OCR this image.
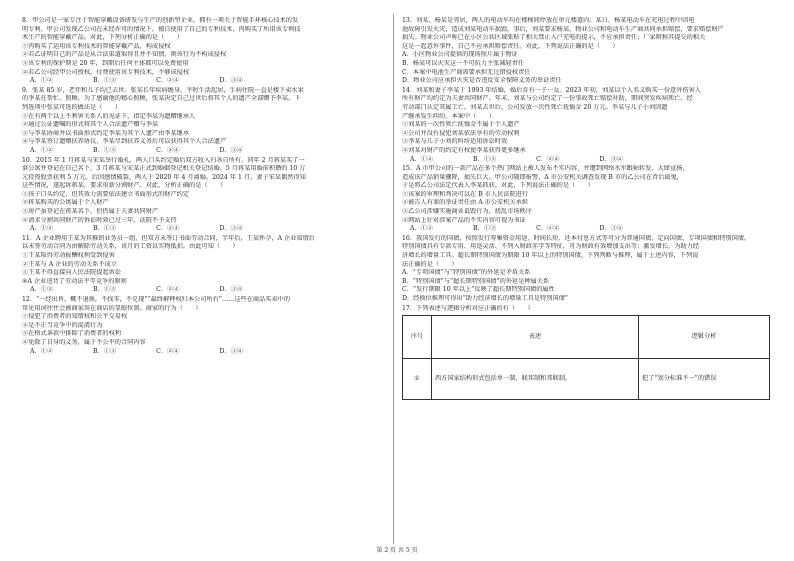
8．甲公司是一家专注于智能穿戴设备研发与生产的创新型企业，拥有一项关于智能手环核心技术的发
明专利。甲公司发现乙公司在未经许可的情况下，擅自使用了自己的专利技术，丙购买了所用该专利技
术生产的智能穿戴产品。对此，下列分析正确的是（　　）
①丙购买了运用该专利技术的智能穿戴产品，构成侵权
②若乙证明自己的产品是从合法渠道取得且并不知情，则该行为不构成侵权
③该专利的保护期是 20 年，到期后任何主体都可以免费使用
④若乙公司经甲公司授权，付费使用该专利技术，不够成侵权
A．①②	B．①③	C．②④	D．③④
9．张某 85 岁，老伴和儿子均已去世。张某长年疾病缠身，平时生活起居，生病住院一直是楼下卖水果
的李某在帮忙、照顾。为了感谢他的精心照顾，张某决定自己过世后将其个人的遗产全部赠予李某。下
列选项中张某可选的做法是（　　）
①在有两个以上不利害关系人的见证下，指定李某为遗赠继承人
②通过公证遗嘱的形式将其个人合法遗产赠与李某
③与李某协商并以书面形式约定李某为其个人遗产由李某继承
④与李某签订遗赠扶养协议，李某尽到扶养义务后可以获得其个人合法遗产
A．①②	B．①③	C．②④	D．③④
10．2015 年 1 月蒋某与宋某举行婚礼，两人口头约定婚后双方收入归各自所有。同年 2 月蒋某买了一
套公寓并登记在自己名下，3 月蒋某与宋某正式到婚姻登记机关登记结婚。5 月蒋某用婚前积攒的 10 万
元投资股票获利 5 万元。后因感情破裂，两人于 2020 年 4 月离婚。2024 年 1 月，妻子宋某偶然得知
这些情况，遂起诉蒋某，要求重新分割财产。对此，分析正确的是（　　）
①孩子口头约定，但其效力需要依法建立书面形式的财产约定
②蒋某购买的公寓属于个人财产
③房产虽登记在蒋某名下，但仍属于夫妻共同财产
④请求分割共同财产的诉讼时效已过三年，法院不予支持
A．①②	B．①③	C．②④	D．③④
11．A 企业聘用王某为其推销业务员一组，但双方未签订书面劳动合同，半年后，王某怀孕，A 企业知情后
以未签劳动合同为由解除劳动关系，该月的工资以实物抵扣。由此可知（　　）
①王某取得劳动报酬权利受到侵害
②王某与 A 企业的劳动关系不成立
③王某不得直接向人民法院提起诉讼
④A 企业违背了劳动法平等竞争的原则
A．①②	B．①③	C．②④	D．③④
12．“一经出售，概不退换，不找零，不兑现”“最终解释权归本公司所有”……这些在商品买卖中的
常见用词往往会被商家用在商店的显眼位置。商家的行为（　　）
①侵犯了消费者的知情权和公平交易权
②是不正当竞争中的混淆行为
③在格式条款中排除了消费者的权利
④免除了自身的义务，属于不公平的合同内容
A．①②	B．①③	C．②④	D．③④
13．刘某、杨某是邻居，两人的电动车均在楼梯间停放在单元楼道内。某日，杨某电动车在充电过程中因电
池故障引发火灾，造成刘某电动车损毁。事后，刘某要求杨某、物业公司和电动车生产商共同承担赔偿，要求赔偿财产
损失。物业公司声称已在小区公共区域张贴了相关禁止入户充电的提示，不应承担责任；厂家辩称其提交的相关
这是一起意外事件，自己不应承担赔偿责任。对此，下列说法正确的是（　　）
A．小区物业公司提供的现场照片属于物证
B．杨某可以火灾这一不可抗力主张减轻责任
C．本案中电池生产商需要承担无过错侵权责任
D．物业公司应承担火灾是否违反安全保障义务的举证责任
14．刘某和妻子李某于 1993 年结婚，婚后育有一子一女。2023 年初，刘某以个人名义购买一份意外伤害人
所有财产均约定为夫妻共同财产。年末，刘某与公司约定了一份事故死亡赔偿补助，期间突发疾病死亡。经
劳动部门认定其属工亡。刘某去世后，公司发放一次性死亡抚恤金 20 万元。李某与儿子小刘因遗
产继承发生纠纷。本案中（　　）
①刘某的一次性死亡抚恤金不属于个人遗产
②公司并没有侵犯刘某依法享有的劳动权利
③李某与儿子小刘的纠纷适用诉讼时效
④刘某对财产的约定有权使李某获得更多继承
A．①②	B．①③	C．②④	D．③④
15．A 市甲公司的一款产品在多个热门网站上被人发布不实内容，并遭到网络水军跟帖转发、大肆宣扬，
造成该产品销量骤降，损失巨大。甲公司随即报警，A 市公安机关调查发现 B 市的乙公司在背后捣鬼，
于是将乙公司法定代表人李某抓获。对此，下列说法正确的是（　　）
①该案的审理和判决可以在 B 市人民法院进行
②被告人有罪的举证责任由 A 市公安机关承担
③乙公司涉嫌实施商业诋毁行为，扰乱市场秩序
④网站上针对涉案产品的不实内容可视为书证
A．①②	B．①③	C．②④	D．③④
16．我国发行的国债，按照发行筹集资金用途、时间长短、还本付息方式等可分为普通国债、定向国债、专项国债和特别国债。
特别国债具有专款专用、用途灵活、不列入财政赤字等特征，可为财政有效增加支出等；激发增长，为助力经
济增长的增量工具。超长期特别国债为期限 10 年以上的特别国债。下列判断与推理，属于上述内容，下列说
法正确的是（　　）
A．“专项国债”与“特别国债”的外延是矛盾关系
B．“特别国债”与“超长期特别国债”的外延是种属关系
C．“发行期限 10 年以上”反映了超长期特别国债的属性
D．经换位推理可得出“助力经济增长的增量工具是特别国债”
17．下列表述与逻辑分析对应正确的有（　　）
序号	表述	逻辑分析
①	西方国家结构形式包括单一制、联邦制和邦联制。	犯了“划分标准不一”的错误
第 2 页 共 5 页
